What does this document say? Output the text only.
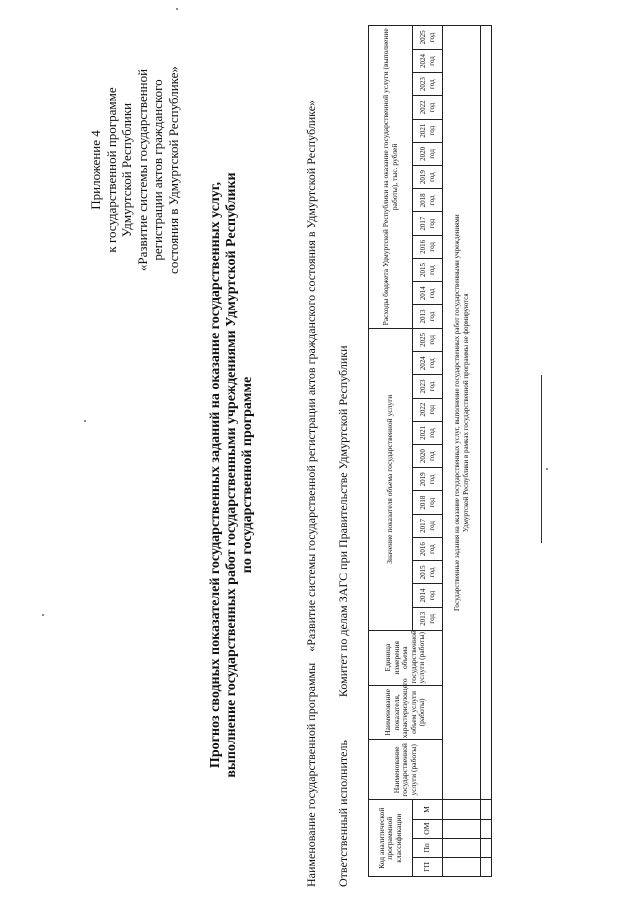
Приложение 4 к государственной программе Удмуртской Республики «Развитие системы государственной регистрации актов гражданского состояния в Удмуртской Республике»
Прогноз сводных показателей государственных заданий на оказание государственных услуг, выполнение государственных работ государственными учреждениями Удмуртской Республики по государственной программе
Наименование государственной программы «Развитие системы государственной регистрации актов гражданского состояния в Удмуртской Республике»
Ответственный исполнитель Комитет по делам ЗАГС при Правительстве Удмуртской Республики
Код аналитической программной классификации				Наименование государственной услуги (работы)	Наименование показателя, характеризующего объем услуги (работы)	Единица измерения объема государственной услуги (работы)	Значение показателя объема государственной услуги													Расходы бюджета Удмуртской Республики на оказание государственной услуги (выполнение работы), тыс. рублей												
ГП	Пп	ОМ	М				2013 год	2014 год	2015 год	2016 год	2017 год	2018 год	2019 год	2020 год	2021 год	2022 год	2023 год	2024 год	2025 год	2013 год	2014 год	2015 год	2016 год	2017 год	2018 год	2019 год	2020 год	2021 год	2022 год	2023 год	2024 год	2025 год

				Государственные задания на оказание государственных услуг, выполнение государственных работ государственными учреждениями Удмуртской Республики в рамках государственной программы не формируются																												
